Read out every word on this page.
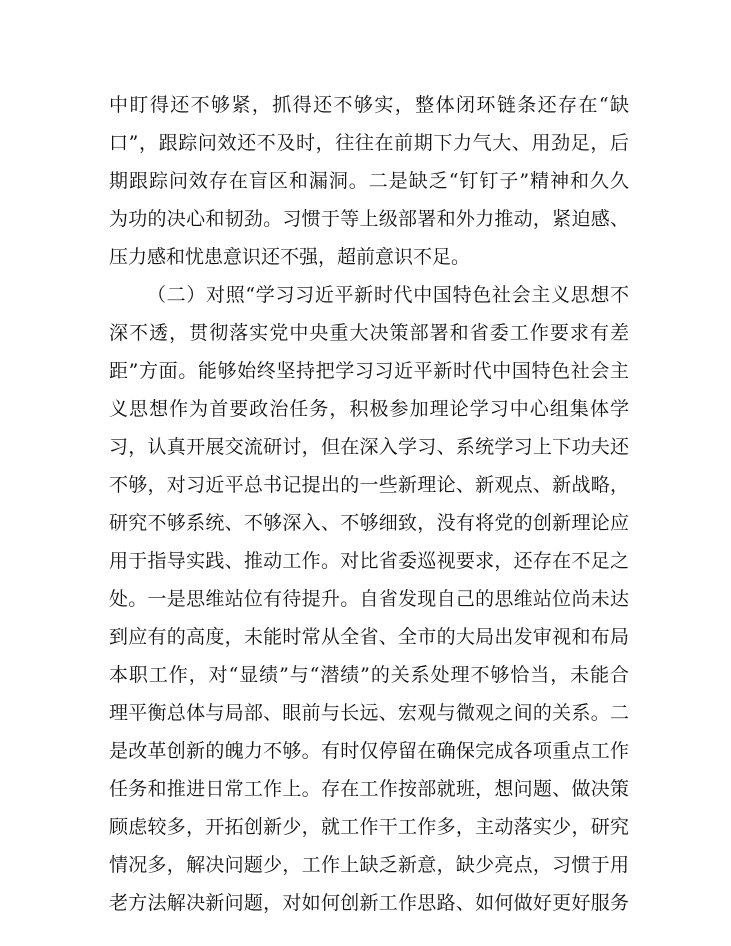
中盯得还不够紧，抓得还不够实，整体闭环链条还存在“缺
口”，跟踪问效还不及时，往往在前期下力气大、用劲足，后
期跟踪问效存在盲区和漏洞。二是缺乏“钉钉子”精神和久久
为功的决心和韧劲。习惯于等上级部署和外力推动，紧迫感、
压力感和忧患意识还不强，超前意识不足。
（二）对照“学习习近平新时代中国特色社会主义思想不
深不透，贯彻落实党中央重大决策部署和省委工作要求有差
距”方面。能够始终坚持把学习习近平新时代中国特色社会主
义思想作为首要政治任务，积极参加理论学习中心组集体学
习，认真开展交流研讨，但在深入学习、系统学习上下功夫还
不够，对习近平总书记提出的一些新理论、新观点、新战略，
研究不够系统、不够深入、不够细致，没有将党的创新理论应
用于指导实践、推动工作。对比省委巡视要求，还存在不足之
处。一是思维站位有待提升。自省发现自己的思维站位尚未达
到应有的高度，未能时常从全省、全市的大局出发审视和布局
本职工作，对“显绩”与“潜绩”的关系处理不够恰当，未能合
理平衡总体与局部、眼前与长远、宏观与微观之间的关系。二
是改革创新的魄力不够。有时仅停留在确保完成各项重点工作
任务和推进日常工作上。存在工作按部就班，想问题、做决策
顾虑较多，开拓创新少，就工作干工作多，主动落实少，研究
情况多，解决问题少，工作上缺乏新意，缺少亮点，习惯于用
老方法解决新问题，对如何创新工作思路、如何做好更好服务
